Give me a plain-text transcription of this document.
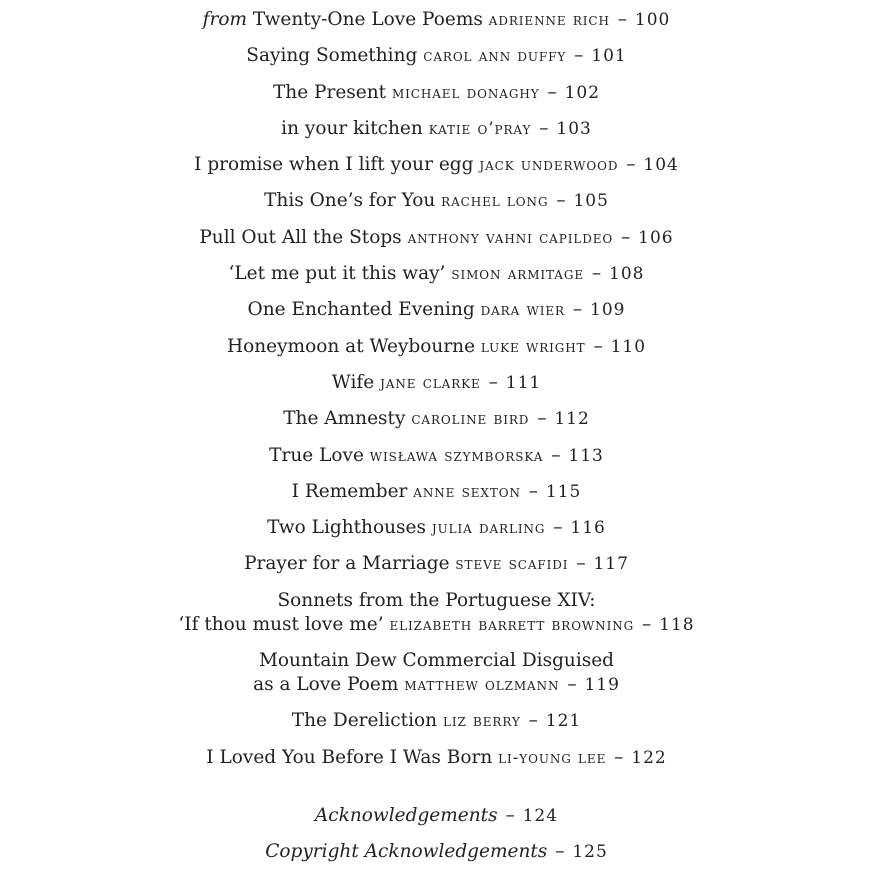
from Twenty-One Love Poems adrienne rich – 100
Saying Something carol ann duffy – 101
The Present michael donaghy – 102
in your kitchen katie o’pray – 103
I promise when I lift your egg jack underwood – 104
This One’s for You rachel long – 105
Pull Out All the Stops anthony vahni capildeo – 106
‘Let me put it this way’ simon armitage – 108
One Enchanted Evening dara wier – 109
Honeymoon at Weybourne luke wright – 110
Wife jane clarke – 111
The Amnesty caroline bird – 112
True Love wisława szymborska – 113
I Remember anne sexton – 115
Two Lighthouses julia darling – 116
Prayer for a Marriage steve scafidi – 117
Sonnets from the Portuguese XIV:
‘If thou must love me’ elizabeth barrett browning – 118
Mountain Dew Commercial Disguised
as a Love Poem matthew olzmann – 119
The Dereliction liz berry – 121
I Loved You Before I Was Born li-young lee – 122
Acknowledgements – 124
Copyright Acknowledgements – 125
